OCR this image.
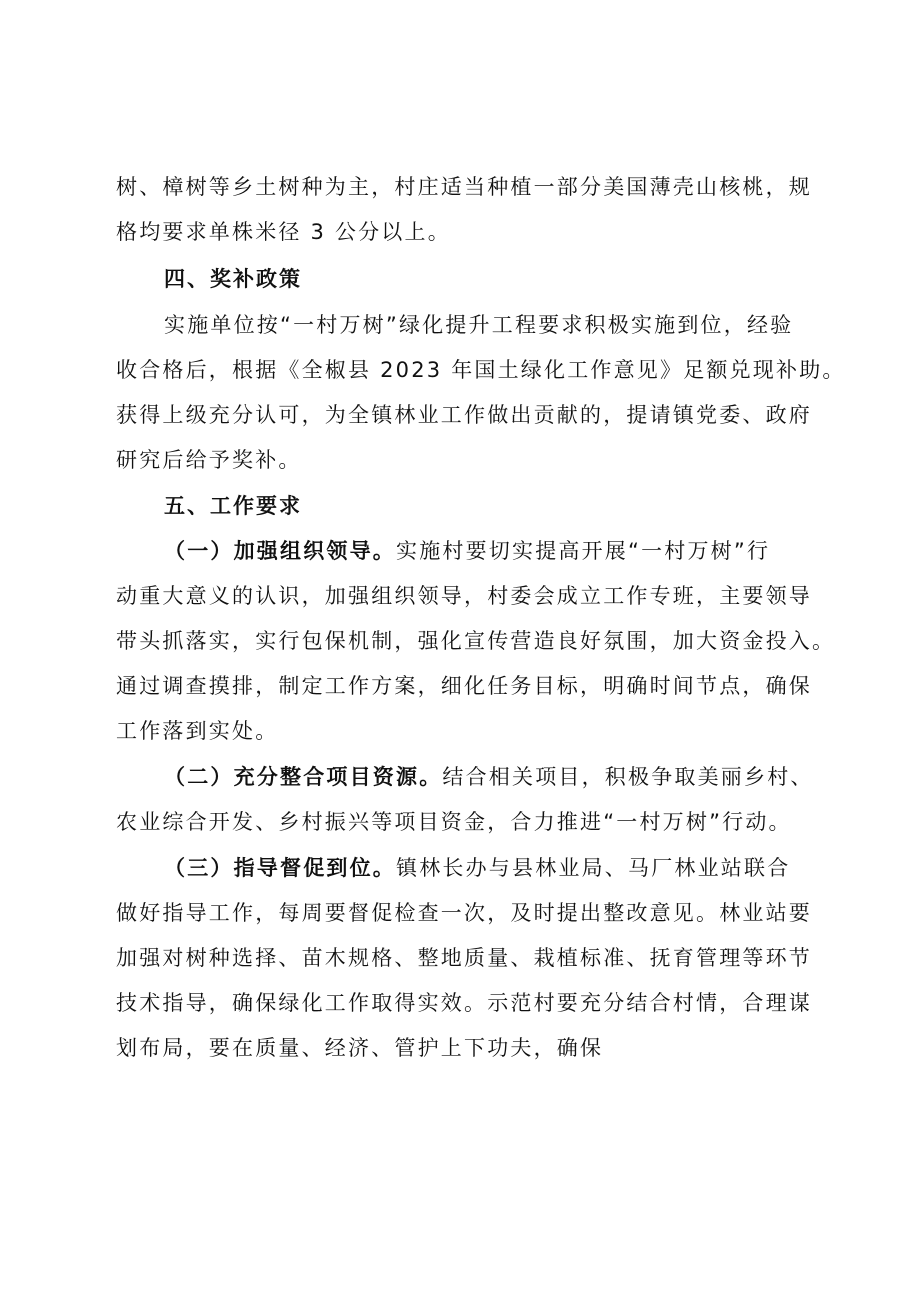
树、樟树等乡土树种为主，村庄适当种植一部分美国薄壳山核桃，规
格均要求单株米径 3 公分以上。
四、奖补政策
实施单位按“一村万树”绿化提升工程要求积极实施到位，经验
收合格后，根据《全椒县 2023 年国土绿化工作意见》足额兑现补助。
获得上级充分认可，为全镇林业工作做出贡献的，提请镇党委、政府
研究后给予奖补。
五、工作要求
（一）加强组织领导。实施村要切实提高开展“一村万树”行
动重大意义的认识，加强组织领导，村委会成立工作专班，主要领导
带头抓落实，实行包保机制，强化宣传营造良好氛围，加大资金投入。
通过调查摸排，制定工作方案，细化任务目标，明确时间节点，确保
工作落到实处。
（二）充分整合项目资源。结合相关项目，积极争取美丽乡村、
农业综合开发、乡村振兴等项目资金，合力推进“一村万树”行动。
（三）指导督促到位。镇林长办与县林业局、马厂林业站联合
做好指导工作，每周要督促检查一次，及时提出整改意见。林业站要
加强对树种选择、苗木规格、整地质量、栽植标准、抚育管理等环节
技术指导，确保绿化工作取得实效。示范村要充分结合村情，合理谋
划布局，要在质量、经济、管护上下功夫，确保
